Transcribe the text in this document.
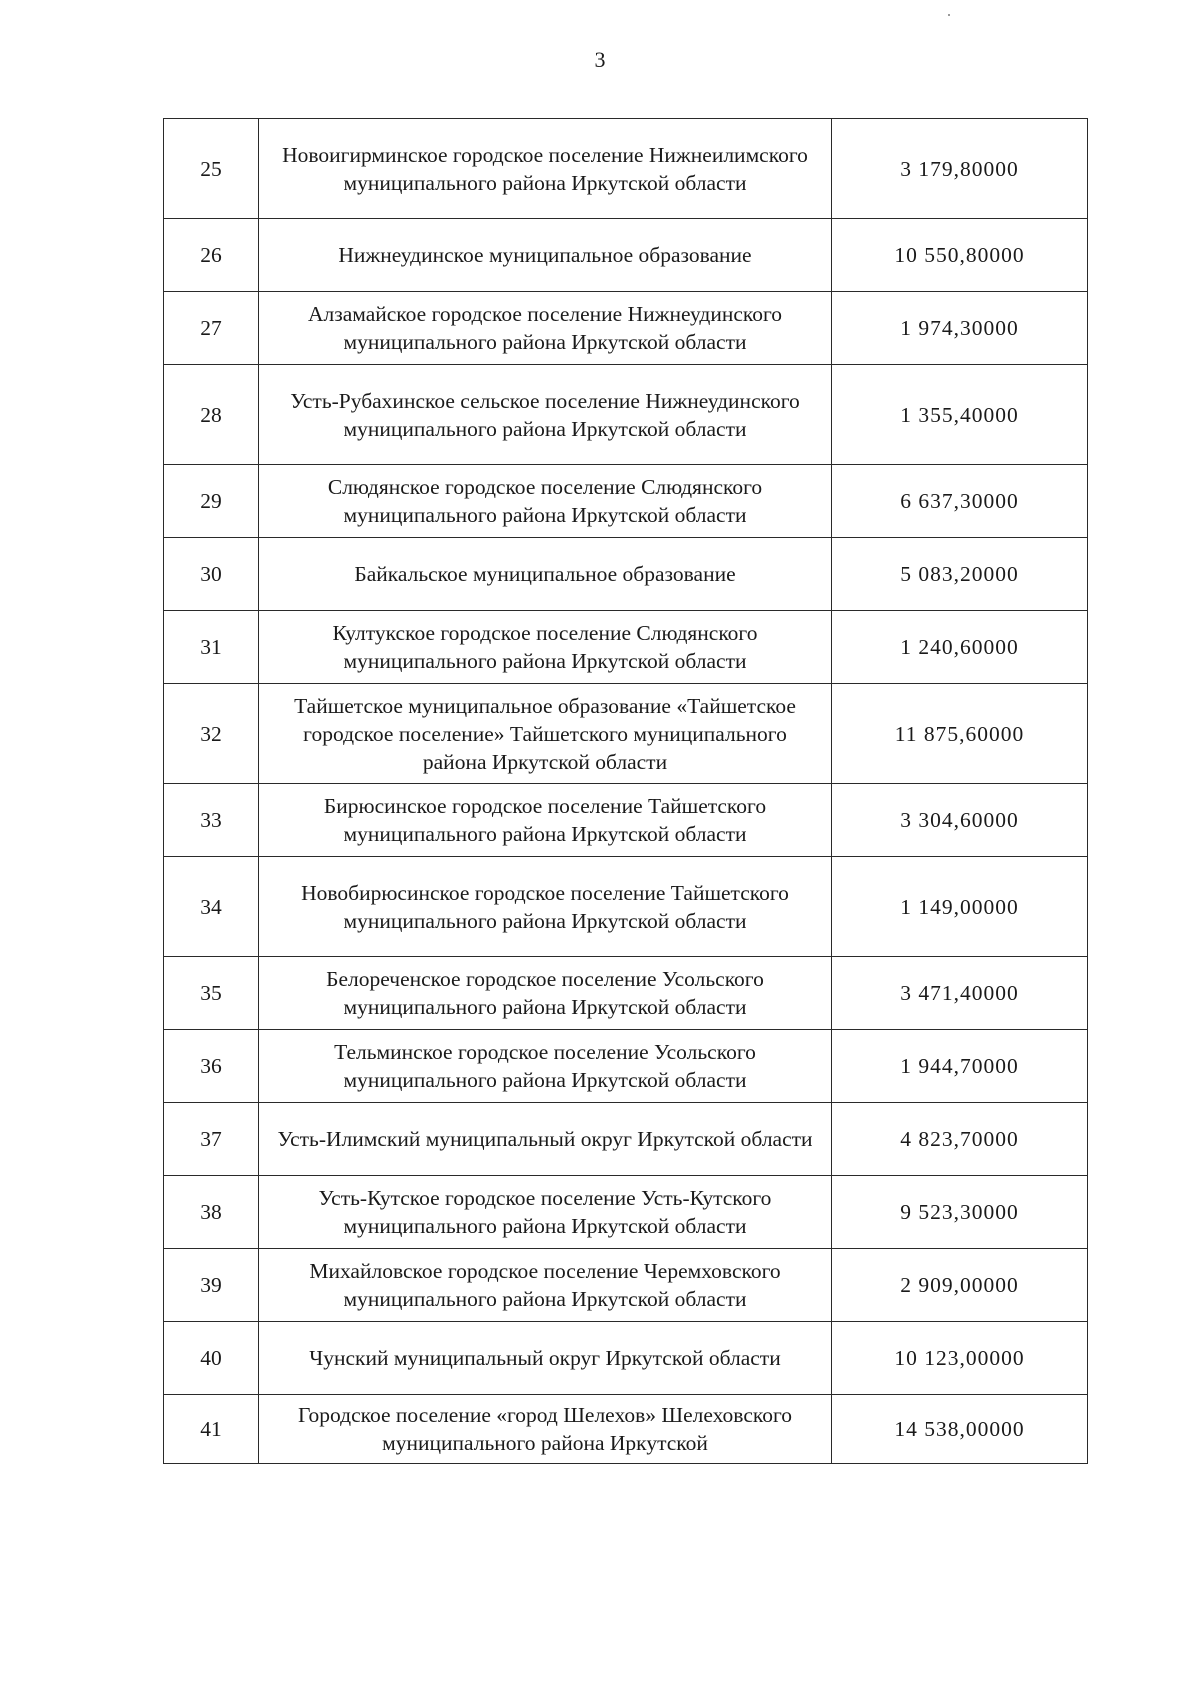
3
25	Новоигирминское городское поселение Нижнеилимского муниципального района Иркутской области	3 179,80000
26	Нижнеудинское муниципальное образование	10 550,80000
27	Алзамайское городское поселение Нижнеудинского муниципального района Иркутской области	1 974,30000
28	Усть-Рубахинское сельское поселение Нижнеудинского муниципального района Иркутской области	1 355,40000
29	Слюдянское городское поселение Слюдянского муниципального района Иркутской области	6 637,30000
30	Байкальское муниципальное образование	5 083,20000
31	Култукское городское поселение Слюдянского муниципального района Иркутской области	1 240,60000
32	Тайшетское муниципальное образование «Тайшетское городское поселение» Тайшетского муниципального района Иркутской области	11 875,60000
33	Бирюсинское городское поселение Тайшетского муниципального района Иркутской области	3 304,60000
34	Новобирюсинское городское поселение Тайшетского муниципального района Иркутской области	1 149,00000
35	Белореченское городское поселение Усольского муниципального района Иркутской области	3 471,40000
36	Тельминское городское поселение Усольского муниципального района Иркутской области	1 944,70000
37	Усть-Илимский муниципальный округ Иркутской области	4 823,70000
38	Усть-Кутское городское поселение Усть-Кутского муниципального района Иркутской области	9 523,30000
39	Михайловское городское поселение Черемховского муниципального района Иркутской области	2 909,00000
40	Чунский муниципальный округ Иркутской области	10 123,00000
41	Городское поселение «город Шелехов» Шелеховского муниципального района Иркутской	14 538,00000
